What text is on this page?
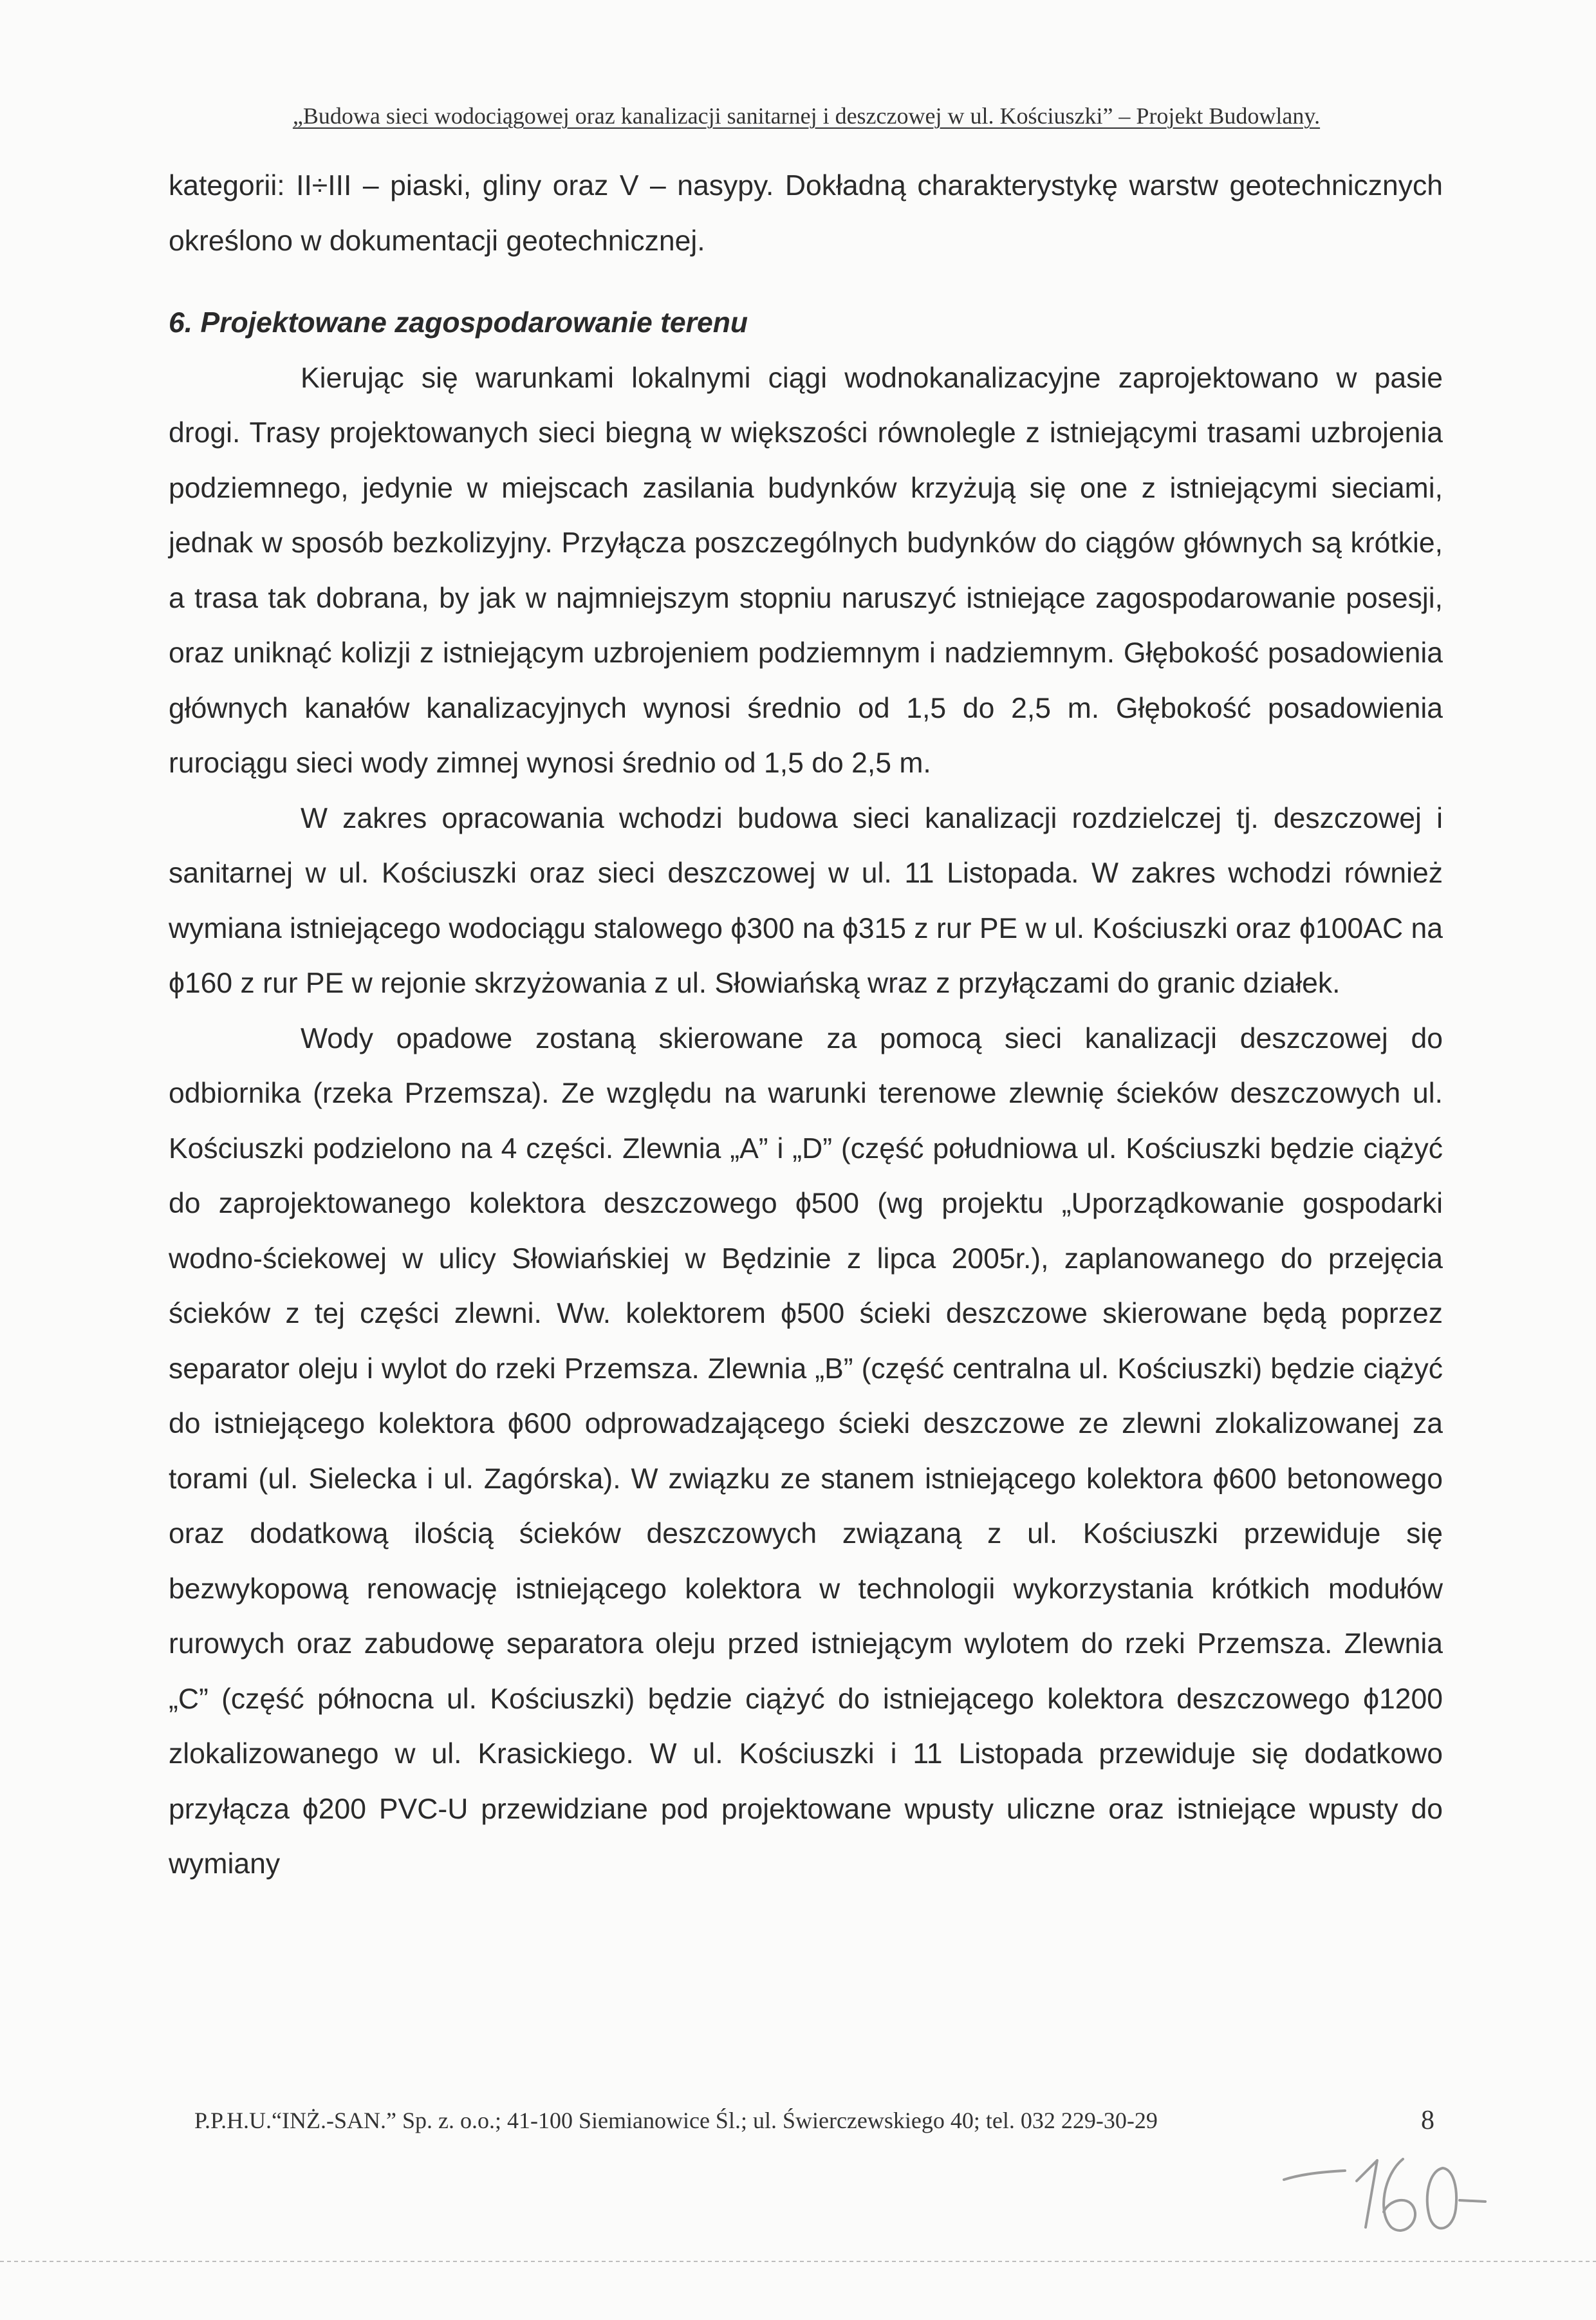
„Budowa sieci wodociągowej oraz kanalizacji sanitarnej i deszczowej w ul. Kościuszki” – Projekt Budowlany.

kategorii: II÷III – piaski, gliny oraz V – nasypy. Dokładną charakterystykę warstw geotechnicznych określono w dokumentacji geotechnicznej.

6. Projektowane zagospodarowanie terenu

Kierując się warunkami lokalnymi ciągi wodnokanalizacyjne zaprojektowano w pasie drogi. Trasy projektowanych sieci biegną w większości równolegle z istniejącymi trasami uzbrojenia podziemnego, jedynie w miejscach zasilania budynków krzyżują się one z istniejącymi sieciami, jednak w sposób bezkolizyjny. Przyłącza poszczególnych budynków do ciągów głównych są krótkie, a trasa tak dobrana, by jak w najmniejszym stopniu naruszyć istniejące zagospodarowanie posesji, oraz uniknąć kolizji z istniejącym uzbrojeniem podziemnym i nadziemnym. Głębokość posadowienia głównych kanałów kanalizacyjnych wynosi średnio od 1,5 do 2,5 m. Głębokość posadowienia rurociągu sieci wody zimnej wynosi średnio od 1,5 do 2,5 m.

W zakres opracowania wchodzi budowa sieci kanalizacji rozdzielczej tj. deszczowej i sanitarnej w ul. Kościuszki oraz sieci deszczowej w ul. 11 Listopada. W zakres wchodzi również wymiana istniejącego wodociągu stalowego ϕ300 na ϕ315 z rur PE w ul. Kościuszki oraz ϕ100AC na ϕ160 z rur PE w rejonie skrzyżowania z ul. Słowiańską wraz z przyłączami do granic działek.

Wody opadowe zostaną skierowane za pomocą sieci kanalizacji deszczowej do odbiornika (rzeka Przemsza). Ze względu na warunki terenowe zlewnię ścieków deszczowych ul. Kościuszki podzielono na 4 części. Zlewnia „A” i „D” (część południowa ul. Kościuszki będzie ciążyć do zaprojektowanego kolektora deszczowego ϕ500 (wg projektu „Uporządkowanie gospodarki wodno-ściekowej w ulicy Słowiańskiej w Będzinie z lipca 2005r.), zaplanowanego do przejęcia ścieków z tej części zlewni. Ww. kolektorem ϕ500 ścieki deszczowe skierowane będą poprzez separator oleju i wylot do rzeki Przemsza. Zlewnia „B” (część centralna ul. Kościuszki) będzie ciążyć do istniejącego kolektora ϕ600 odprowadzającego ścieki deszczowe ze zlewni zlokalizowanej za torami (ul. Sielecka i ul. Zagórska). W związku ze stanem istniejącego kolektora ϕ600 betonowego oraz dodatkową ilością ścieków deszczowych związaną z ul. Kościuszki przewiduje się bezwykopową renowację istniejącego kolektora w technologii wykorzystania krótkich modułów rurowych oraz zabudowę separatora oleju przed istniejącym wylotem do rzeki Przemsza. Zlewnia „C” (część północna ul. Kościuszki) będzie ciążyć do istniejącego kolektora deszczowego ϕ1200 zlokalizowanego w ul. Krasickiego. W ul. Kościuszki i 11 Listopada przewiduje się dodatkowo przyłącza ϕ200 PVC-U przewidziane pod projektowane wpusty uliczne oraz istniejące wpusty do wymiany

P.P.H.U.“INŻ.-SAN.” Sp. z. o.o.; 41-100 Siemianowice Śl.; ul. Świerczewskiego 40; tel. 032 229-30-29	8
